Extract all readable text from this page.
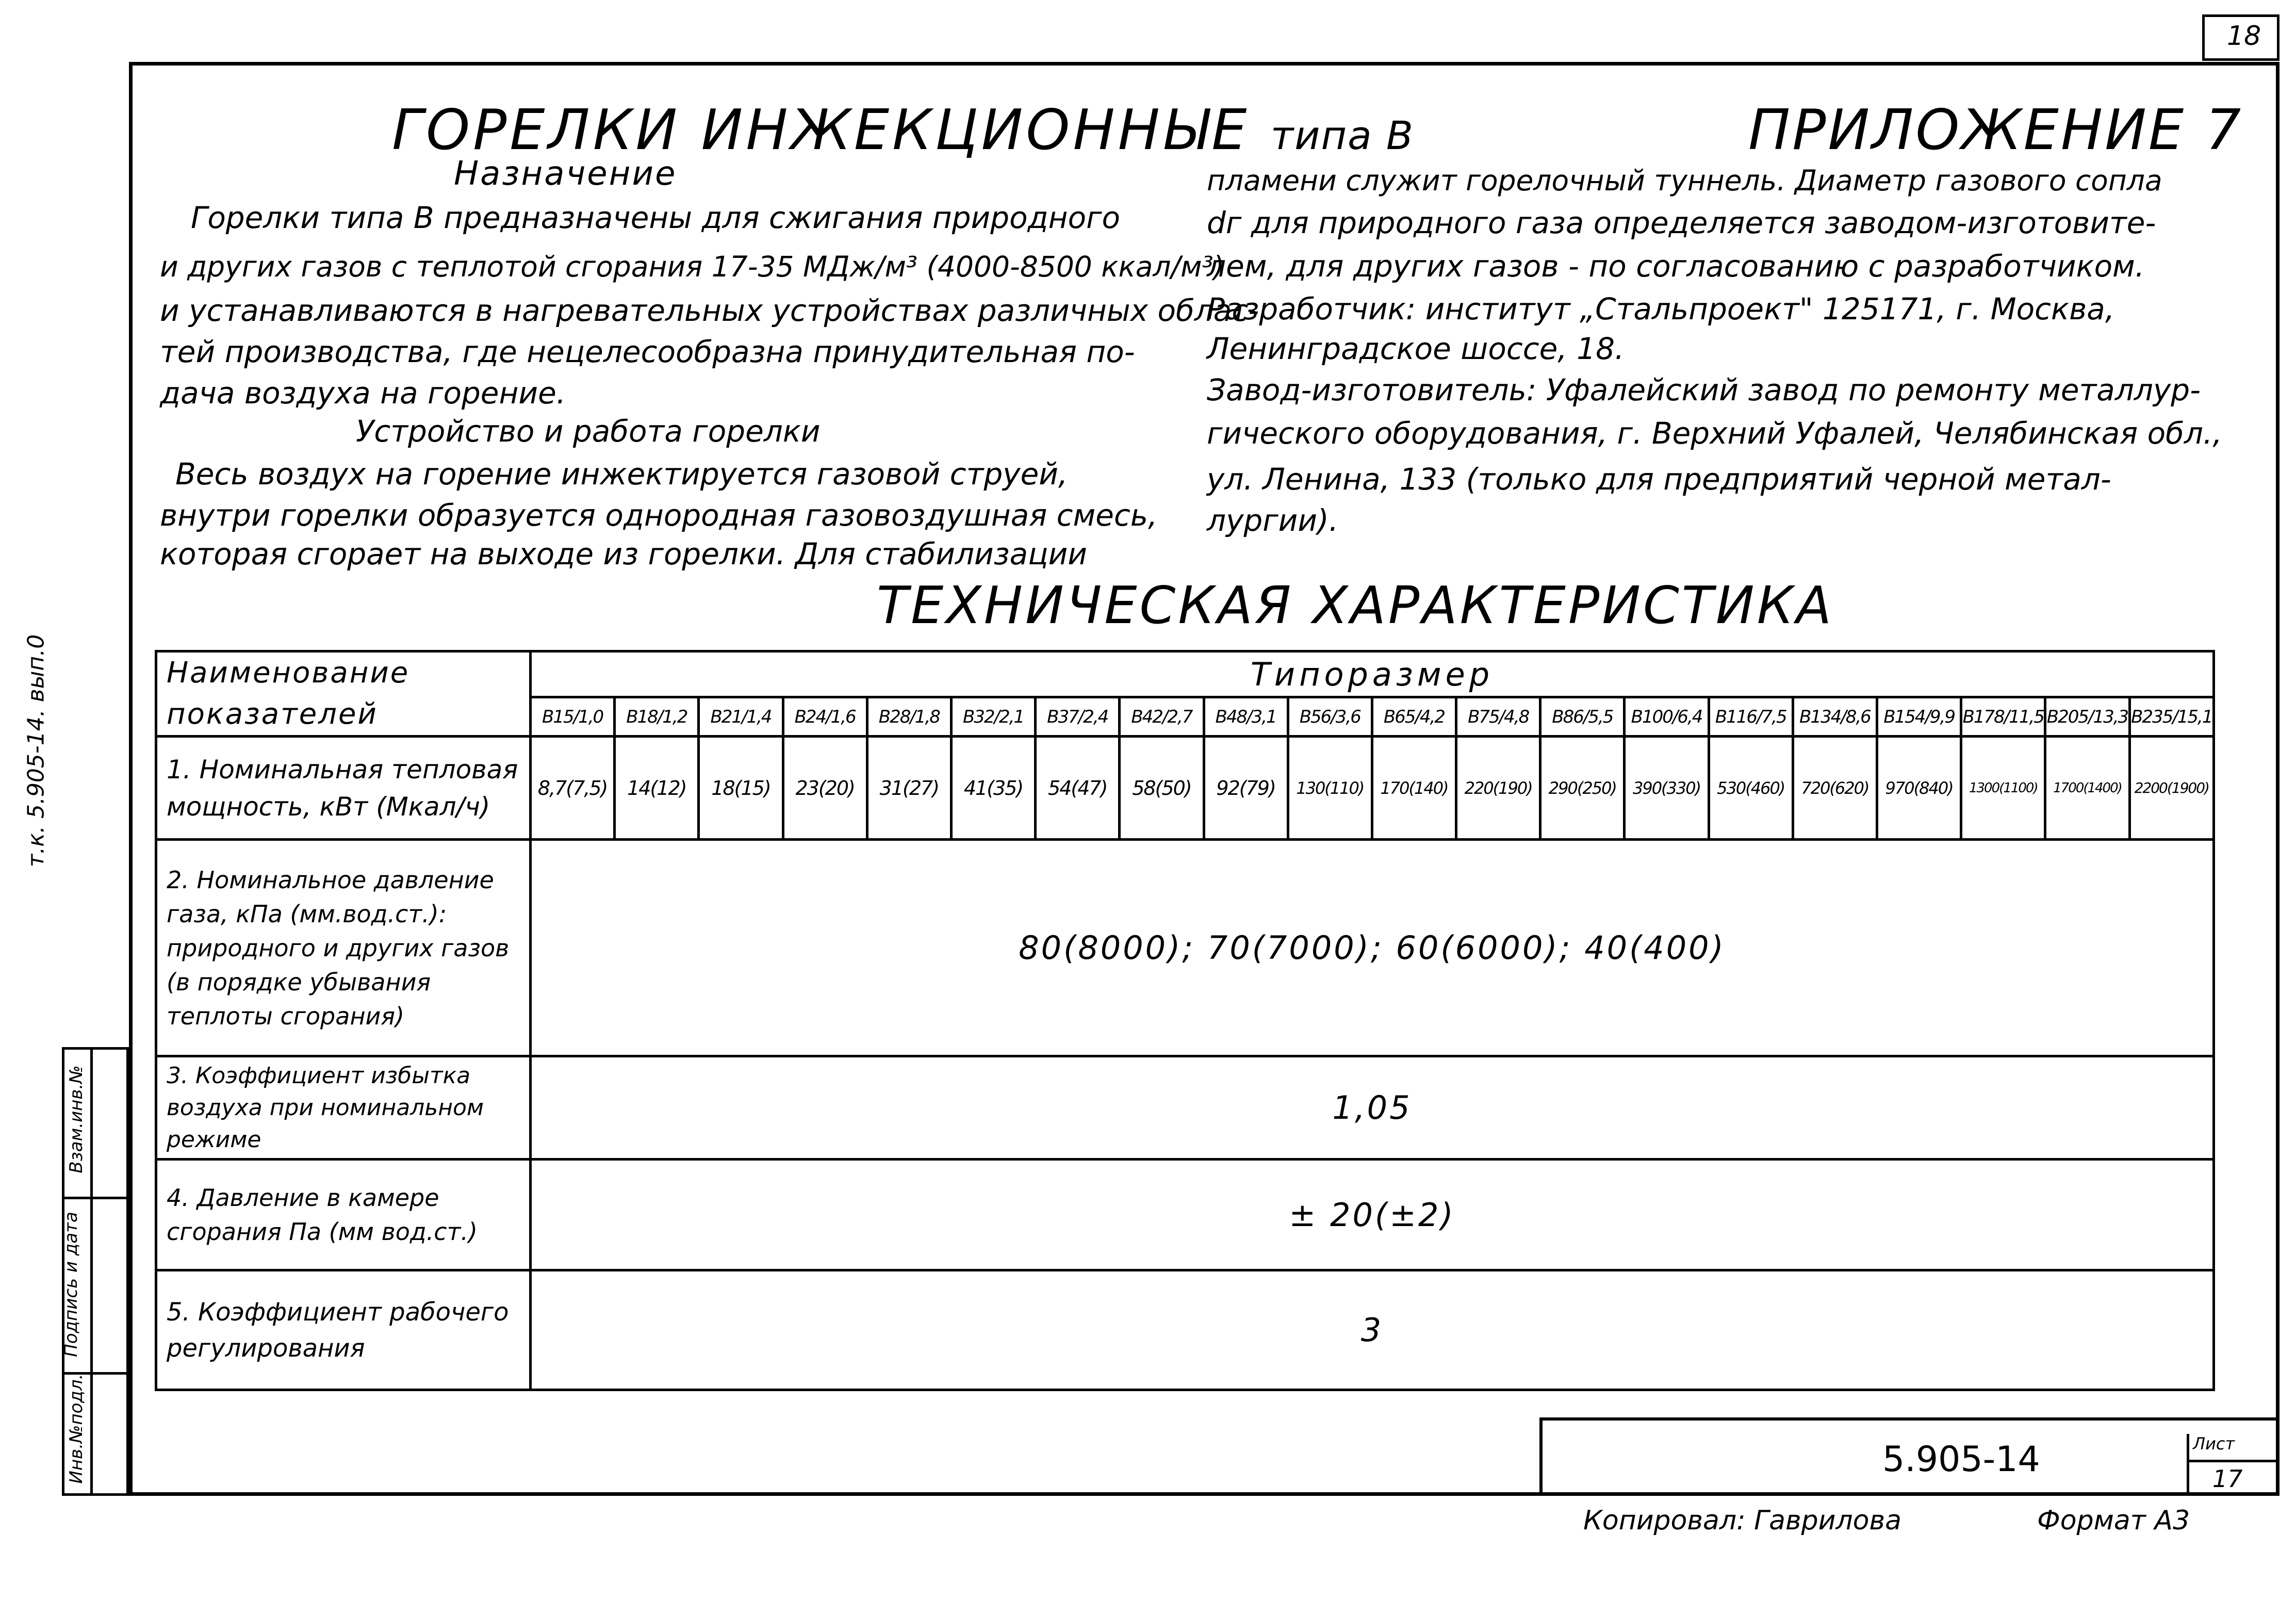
18
Инв.№подл.
Подпись и дата
Взам.инв.№
т.к. 5.905-14. вып.0
ГОРЕЛКИ ИНЖЕКЦИОННЫЕ типа В	ПРИЛОЖЕНИЕ 7
Назначение
Горелки типа В предназначены для сжигания природного
и других газов с теплотой сгорания 17-35 МДж/м³ (4000-8500 ккал/м³)
и устанавливаются в нагревательных устройствах различных облас-
тей производства, где нецелесообразна принудительная по-
дача воздуха на горение.
Устройство и работа горелки
Весь воздух на горение инжектируется газовой струей,
внутри горелки образуется однородная газовоздушная смесь,
которая сгорает на выходе из горелки. Для стабилизации
пламени служит горелочный туннель. Диаметр газового сопла
dг для природного газа определяется заводом-изготовите-
лем, для других газов - по согласованию с разработчиком.
Разработчик: институт „Стальпроект" 125171, г. Москва,
Ленинградское шоссе, 18.
Завод-изготовитель: Уфалейский завод по ремонту металлур-
гического оборудования, г. Верхний Уфалей, Челябинская обл.,
ул. Ленина, 133 (только для предприятий черной метал-
лургии).
ТЕХНИЧЕСКАЯ ХАРАКТЕРИСТИКА
Наименование показателей	Типоразмер																			
	В15/1,0	В18/1,2	В21/1,4	В24/1,6	В28/1,8	В32/2,1	В37/2,4	В42/2,7	В48/3,1	В56/3,6	В65/4,2	В75/4,8	В86/5,5	В100/6,4	В116/7,5	В134/8,6	В154/9,9	В178/11,5	В205/13,3	В235/15,1
1. Номинальная тепловая мощность, кВт (Мкал/ч)	8,7(7,5)	14(12)	18(15)	23(20)	31(27)	41(35)	54(47)	58(50)	92(79)	130(110)	170(140)	220(190)	290(250)	390(330)	530(460)	720(620)	970(840)	1300(1100)	1700(1400)	2200(1900)
2. Номинальное давление газа, кПа (мм.вод.ст.): природного и других газов (в порядке убывания теплоты сгорания)	80(8000); 70(7000); 60(6000); 40(400)																			
3. Коэффициент избытка воздуха при номинальном режиме	1,05																			
4. Давление в камере сгорания Па (мм вод.ст.)	± 20(±2)																			
5. Коэффициент рабочего регулирования	3																			
5.905-14	Лист
17
Копировал: Гаврилова	Формат А3
